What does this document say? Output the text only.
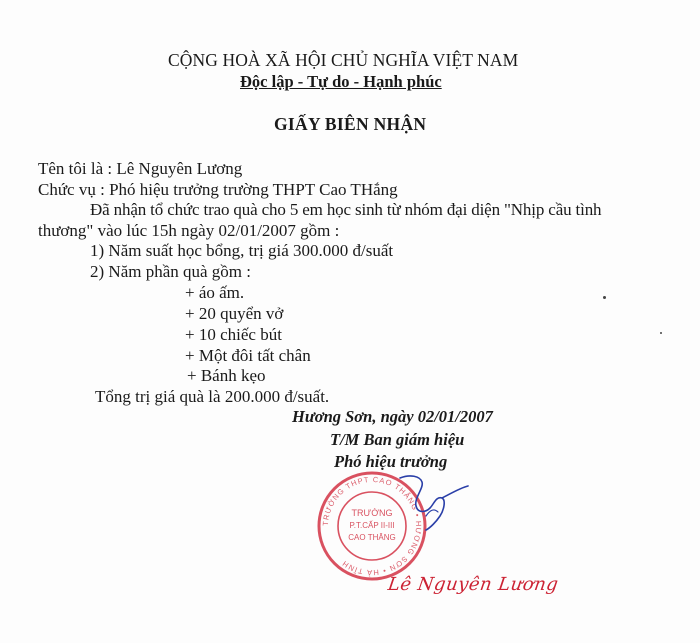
CỘNG HOÀ XÃ HỘI CHỦ NGHĨA VIỆT NAM
Độc lập - Tự do - Hạnh phúc
GIẤY BIÊN NHẬN
Tên tôi là : Lê Nguyên Lương
Chức vụ : Phó hiệu trưởng trường THPT Cao THắng
Đã nhận tổ chức trao quà cho 5 em học sinh từ nhóm đại diện "Nhịp cầu tình
thương" vào lúc 15h ngày 02/01/2007 gồm :
1) Năm suất học bổng, trị giá 300.000 đ/suất
2) Năm phần quà gồm :
+ áo ấm.
+ 20 quyển vở
+ 10 chiếc bút
+ Một đôi tất chân
+ Bánh kẹo
Tổng trị giá quà là 200.000 đ/suất.
Hương Sơn, ngày 02/01/2007
T/M Ban giám hiệu
Phó hiệu trưởng
TRƯỜNG THPT CAO THẮNG • HƯƠNG SƠN • HÀ TĨNH
TRƯỜNG
P.T.CẤP II-III
CAO THẮNG
Lê Nguyên Lương
